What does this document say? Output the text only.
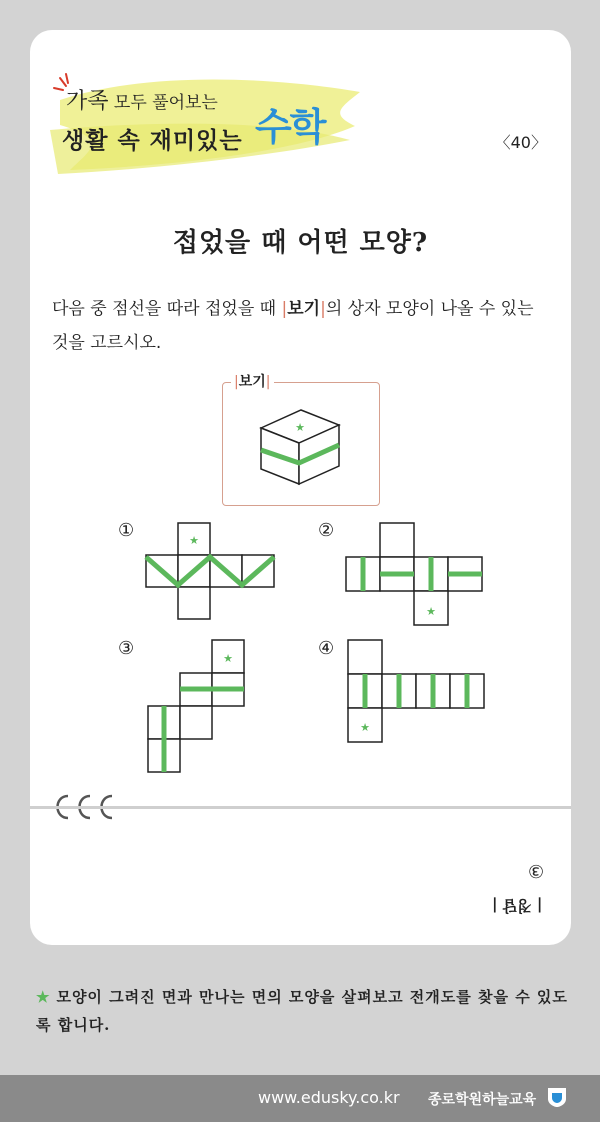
가족 모두 풀어보는
생활 속 재미있는 수학	〈40〉
접었을 때 어떤 모양?
다음 중 점선을 따라 접었을 때 |보기|의 상자 모양이 나올 수 있는 것을 고르시오.
|보기|
★
①	★	②
★
③	★	④
★
③
| 정답 |
★ 모양이 그려진 면과 만나는 면의 모양을 살펴보고 전개도를 찾을 수 있도록 합니다.
www.edusky.co.kr 종로학원하늘교육
